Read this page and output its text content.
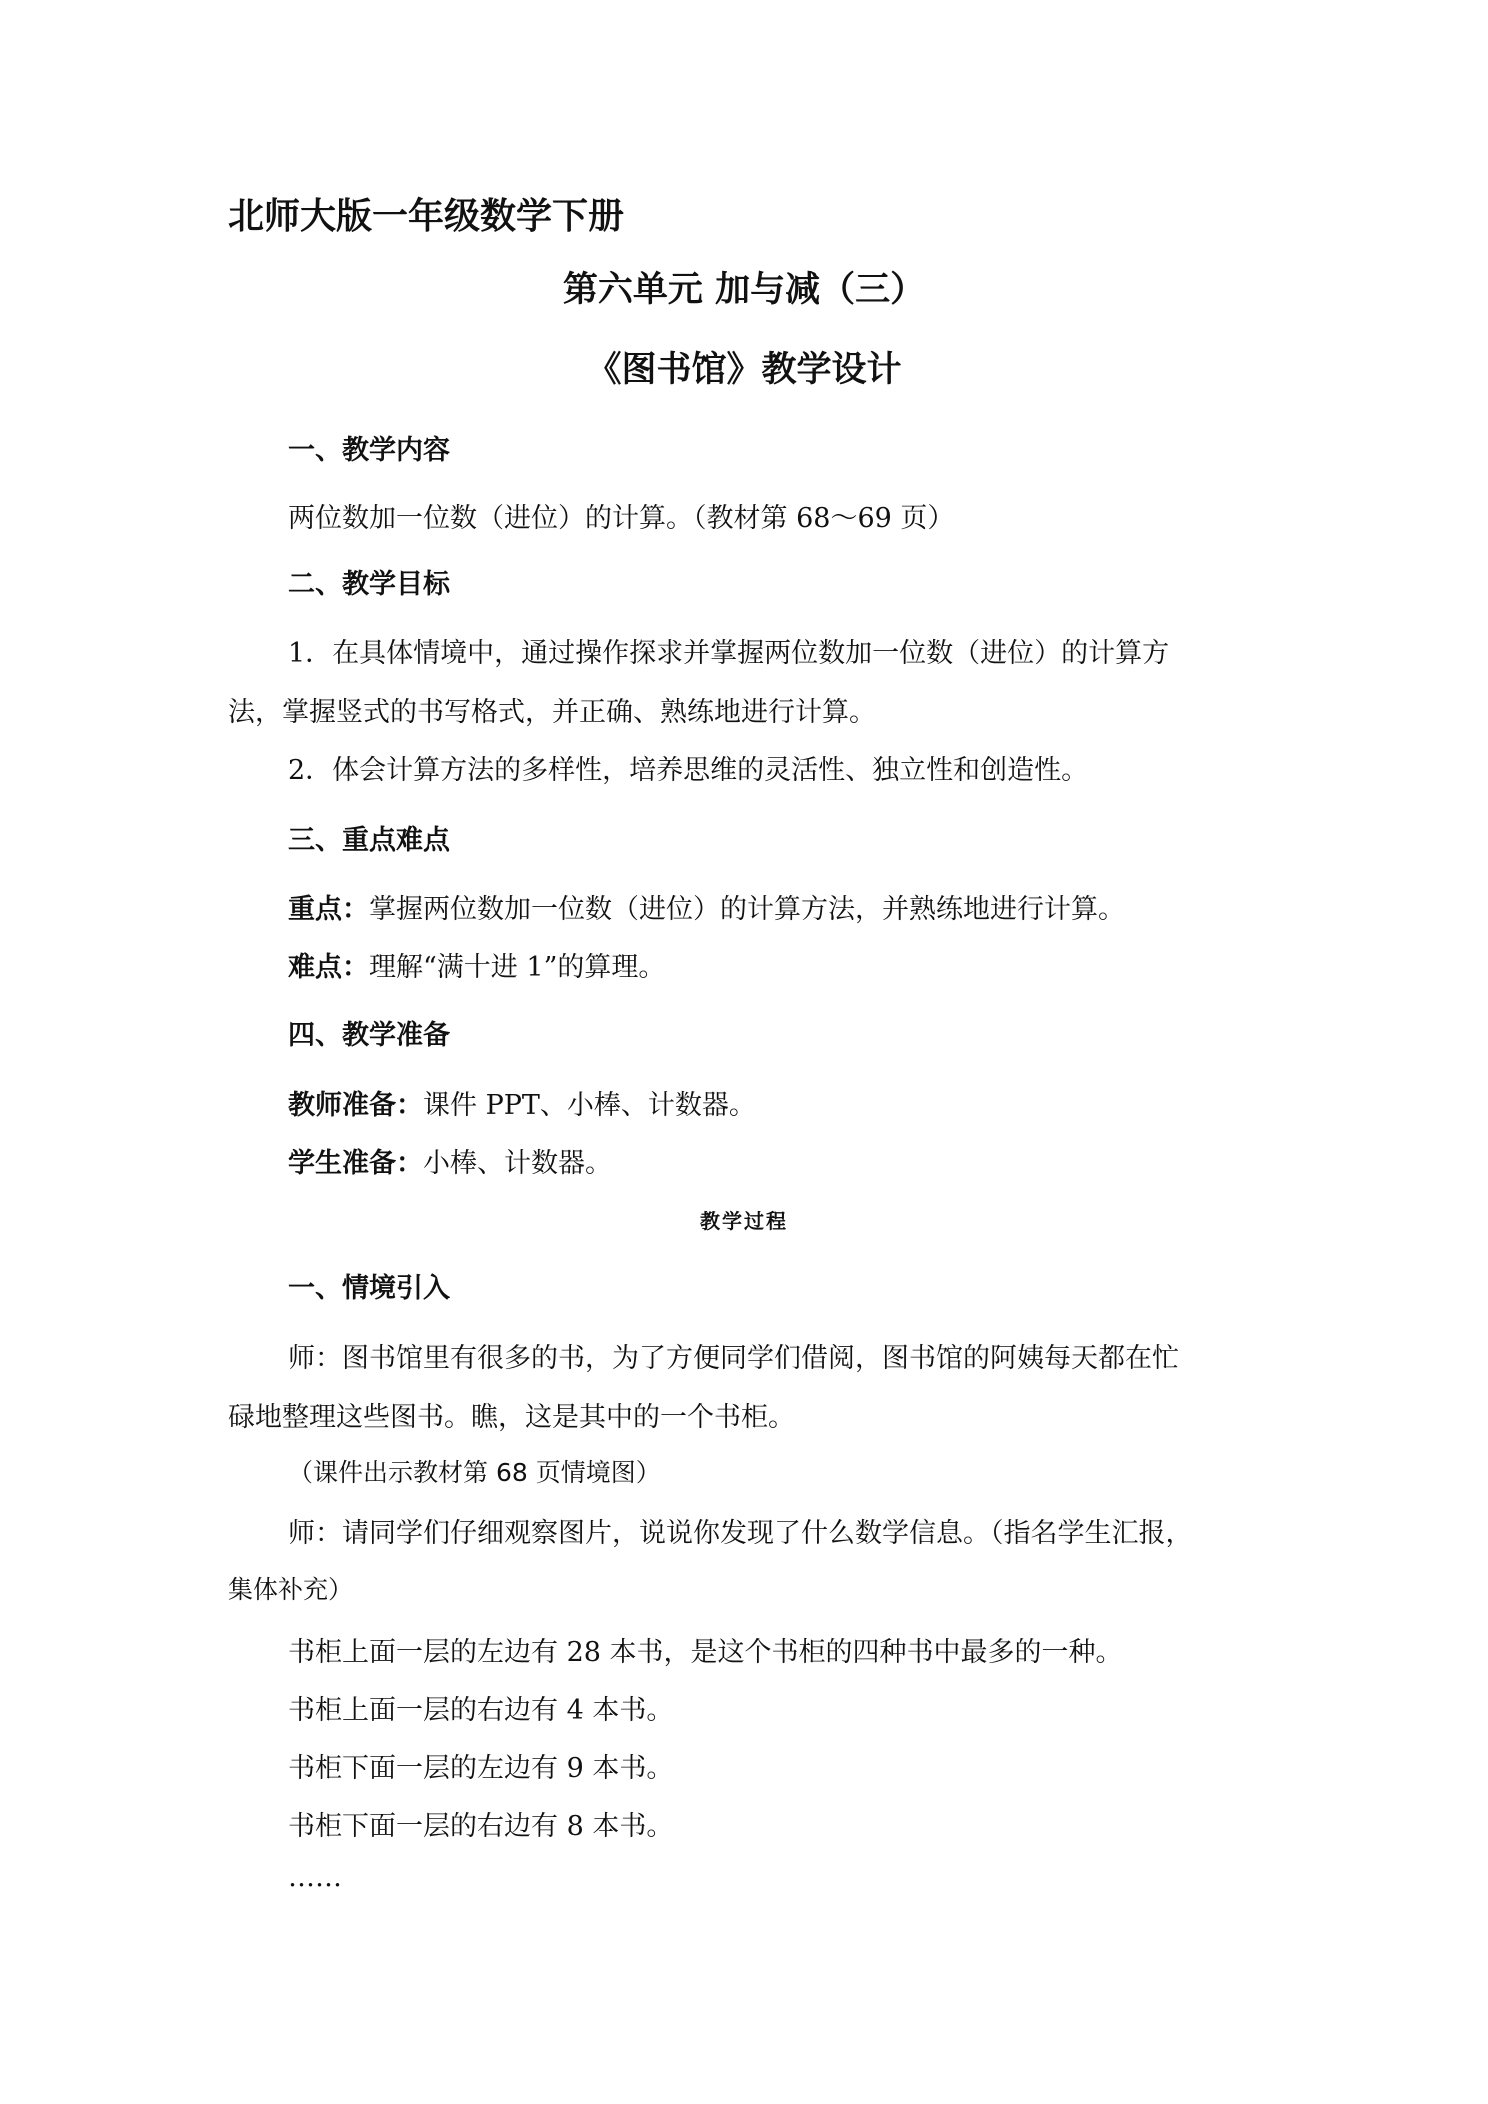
北师大版一年级数学下册
第六单元 加与减（三）
《图书馆》教学设计
一、教学内容
两位数加一位数（进位）的计算。（教材第 68～69 页）
二、教学目标
1．在具体情境中，通过操作探求并掌握两位数加一位数（进位）的计算方
法，掌握竖式的书写格式，并正确、熟练地进行计算。
2．体会计算方法的多样性，培养思维的灵活性、独立性和创造性。
三、重点难点
重点：掌握两位数加一位数（进位）的计算方法，并熟练地进行计算。
难点：理解“满十进 1”的算理。
四、教学准备
教师准备：课件 PPT、小棒、计数器。
学生准备：小棒、计数器。
教学过程
一、情境引入
师：图书馆里有很多的书，为了方便同学们借阅，图书馆的阿姨每天都在忙
碌地整理这些图书。瞧，这是其中的一个书柜。
（课件出示教材第 68 页情境图）
师：请同学们仔细观察图片，说说你发现了什么数学信息。（指名学生汇报，
集体补充）
书柜上面一层的左边有 28 本书，是这个书柜的四种书中最多的一种。
书柜上面一层的右边有 4 本书。
书柜下面一层的左边有 9 本书。
书柜下面一层的右边有 8 本书。
……
